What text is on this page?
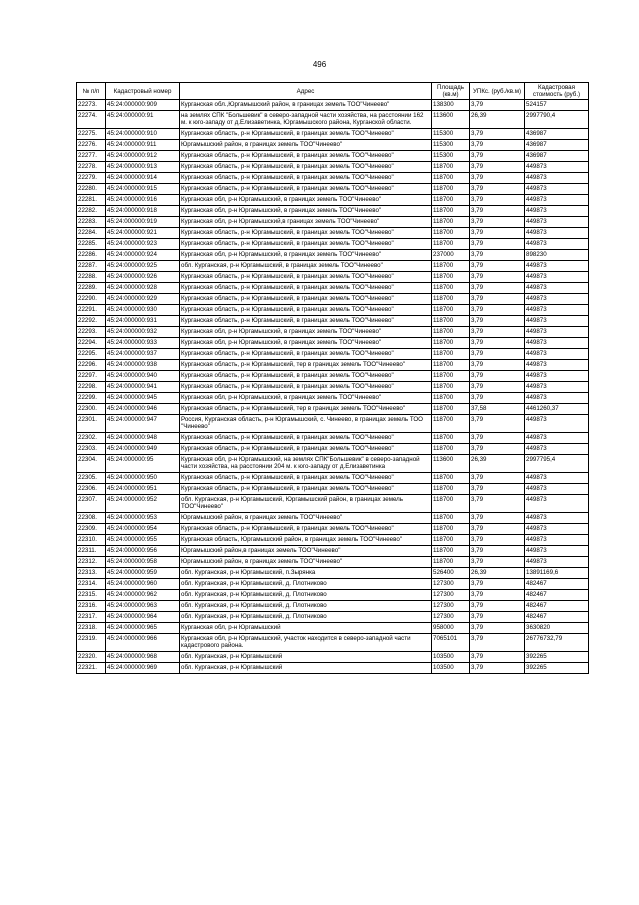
496
№ п/п	Кадастровый номер	Адрес	Площадь (кв.м)	УПКс. (руб./кв.м)	Кадастровая стоимость (руб.)
22273.	45:24:000000:909	Курганская обл.,Юргамышский район, в границах земель ТОО"Чинеево"	138300	3,79	524157
22274.	45:24:000000:91	на землях СПК "Большевик" в северо-западной части хозяйства, на расстоянии 162 м. к юго-западу от д.Елизаветинка, Юргамышского района, Курганской области.	113600	26,39	2997790,4
22275.	45:24:000000:910	Курганская область, р-н Юргамышский, в границах земель ТОО"Чинеево"	115300	3,79	436987
22276.	45:24:000000:911	Юргамышский район, в границах земель ТОО"Чинеево"	115300	3,79	436987
22277.	45:24:000000:912	Курганская область, р-н Юргамышский, в границах земель ТОО"Чинеево"	115300	3,79	436987
22278.	45:24:000000:913	Курганская область, р-н Юргамышский, в границах земель ТОО"Чинеево"	118700	3,79	449873
22279.	45:24:000000:914	Курганская область, р-н Юргамышский, в границах земель ТОО"Чинеево"	118700	3,79	449873
22280.	45:24:000000:915	Курганская область, р-н Юргамышский, в границах земель ТОО"Чинеево"	118700	3,79	449873
22281.	45:24:000000:916	Курганская обл, р-н Юргамышский, в границах земель ТОО"Чинеево"	118700	3,79	449873
22282.	45:24:000000:918	Курганская обл, р-н Юргамышский, в границах земель ТОО"Чинеево"	118700	3,79	449873
22283.	45:24:000000:919	Курганская обл, р-н Юргамышский,в границах земель ТОО"Чинеево"	118700	3,79	449873
22284.	45:24:000000:921	Курганская область, р-н Юргамышский, в границах земель ТОО"Чинеево"	118700	3,79	449873
22285.	45:24:000000:923	Курганская область, р-н Юргамышский, в границах земель ТОО"Чинеево"	118700	3,79	449873
22286.	45:24:000000:924	Курганская обл, р-н Юргамышский, в границах земель ТОО"Чинеево"	237000	3,79	898230
22287.	45:24:000000:925	обл. Курганская, р-н Юргамышский, в границах земель ТОО"Чинеево"	118700	3,79	449873
22288.	45:24:000000:926	Курганская область, р-н Юргамышский, в границах земель ТОО"Чинеево"	118700	3,79	449873
22289.	45:24:000000:928	Курганская область, р-н Юргамышский, в границах земель ТОО"Чинеево"	118700	3,79	449873
22290.	45:24:000000:929	Курганская область, р-н Юргамышский, в границах земель ТОО"Чинеево"	118700	3,79	449873
22291.	45:24:000000:930	Курганская область, р-н Юргамышский, в границах земель ТОО"Чинеево"	118700	3,79	449873
22292.	45:24:000000:931	Курганская область, р-н Юргамышский, в границах земель ТОО"Чинеево"	118700	3,79	449873
22293.	45:24:000000:932	Курганская обл, р-н Юргамышский, в границах земель ТОО"Чинеево"	118700	3,79	449873
22294.	45:24:000000:933	Курганская обл, р-н Юргамышский, в границах земель ТОО"Чинеево"	118700	3,79	449873
22295.	45:24:000000:937	Курганская область, р-н Юргамышский, в границах земель ТОО"Чинеево"	118700	3,79	449873
22296.	45:24:000000:938	Курганская область, р-н Юргамышский, тер в границах земель ТОО"Чинеево"	118700	3,79	449873
22297.	45:24:000000:940	Курганская область, р-н Юргамышский, в границах земель ТОО"Чинеево"	118700	3,79	449873
22298.	45:24:000000:941	Курганская область, р-н Юргамышский, в границах земель ТОО"Чинеево"	118700	3,79	449873
22299.	45:24:000000:945	Курганская обл, р-н Юргамышский, в границах земель ТОО"Чинеево"	118700	3,79	449873
22300.	45:24:000000:946	Курганская область, р-н Юргамышский, тер в границах земель ТОО"Чинеево"	118700	37,58	4461260,37
22301.	45:24:000000:947	Россия, Курганская область, р-н Юргамышский, с. Чинеево, в границах земель ТОО "Чинеево"	118700	3,79	449873
22302.	45:24:000000:948	Курганская область, р-н Юргамышский, в границах земель ТОО"Чинеево"	118700	3,79	449873
22303.	45:24:000000:949	Курганская область, р-н Юргамышский, в границах земель ТОО"Чинеево"	118700	3,79	449873
22304.	45:24:000000:95	Курганская обл, р-н Юргамышский, на землях СПК"Большевик" в северо-западной части хозяйства, на расстоянии 204 м. к юго-западу от д.Елизаветинка	113600	26,39	2997795,4
22305.	45:24:000000:950	Курганская область, р-н Юргамышский, в границах земель ТОО"Чинеево"	118700	3,79	449873
22306.	45:24:000000:951	Курганская область, р-н Юргамышский, в границах земель ТОО"Чинеево"	118700	3,79	449873
22307.	45:24:000000:952	обл. Курганская, р-н Юргамышский, Юргамышский район, в границах земель ТОО"Чинеево"	118700	3,79	449873
22308.	45:24:000000:953	Юргамышский район, в границах земель ТОО"Чинеево"	118700	3,79	449873
22309.	45:24:000000:954	Курганская область, р-н Юргамышский, в границах земель ТОО"Чинеево"	118700	3,79	449873
22310.	45:24:000000:955	Курганская область, Юргамышский район, в границах земель ТОО"Чинеево"	118700	3,79	449873
22311.	45:24:000000:956	Юргамышский район,в границах земель ТОО"Чинеево"	118700	3,79	449873
22312.	45:24:000000:958	Юргамышский район, в границах земель ТОО"Чинеево"	118700	3,79	449873
22313.	45:24:000000:959	обл. Курганская, р-н Юргамышский, п.Зырянка	526400	26,39	13891169,6
22314.	45:24:000000:960	обл. Курганская, р-н Юргамышский, д. Плотниково	127300	3,79	482467
22315.	45:24:000000:962	обл. Курганская, р-н Юргамышский, д. Плотниково	127300	3,79	482467
22316.	45:24:000000:963	обл. Курганская, р-н Юргамышский, д. Плотниково	127300	3,79	482467
22317.	45:24:000000:964	обл. Курганская, р-н Юргамышский, д. Плотниково	127300	3,79	482467
22318.	45:24:000000:965	Курганская обл, р-н Юргамышский	958000	3,79	3630820
22319.	45:24:000000:966	Курганская обл, р-н Юргамышский, участок находится в северо-западной части кадастрового района.	7065101	3,79	26776732,79
22320.	45:24:000000:968	обл. Курганская, р-н Юргамышский	103500	3,79	392265
22321.	45:24:000000:969	обл. Курганская, р-н Юргамышский	103500	3,79	392265
